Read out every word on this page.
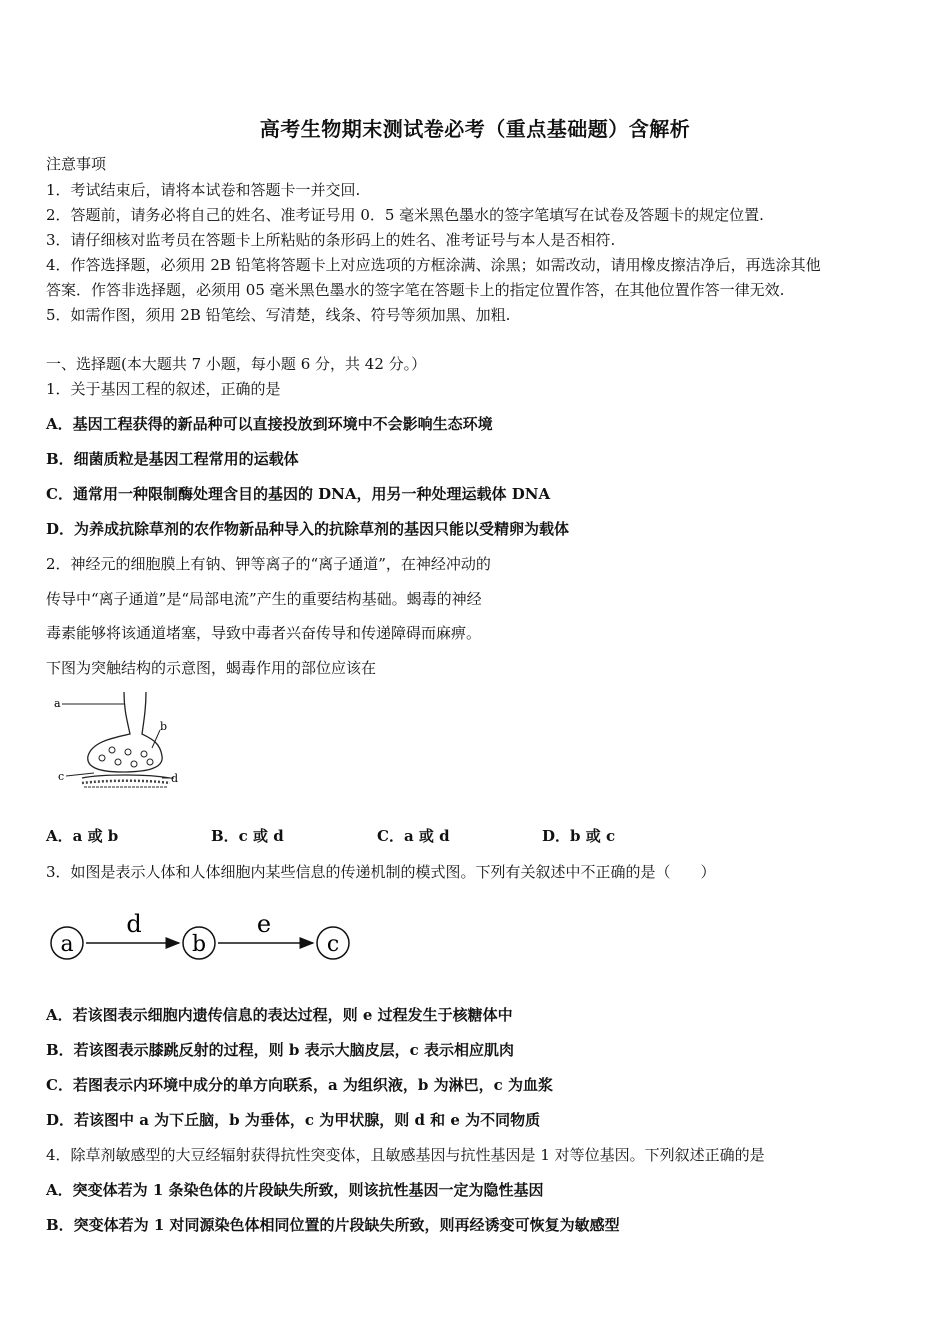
高考生物期末测试卷必考（重点基础题）含解析
注意事项
1．考试结束后，请将本试卷和答题卡一并交回.
2．答题前，请务必将自己的姓名、准考证号用 0．5 毫米黑色墨水的签字笔填写在试卷及答题卡的规定位置.
3．请仔细核对监考员在答题卡上所粘贴的条形码上的姓名、准考证号与本人是否相符.
4．作答选择题，必须用 2B 铅笔将答题卡上对应选项的方框涂满、涂黑；如需改动，请用橡皮擦洁净后，再选涂其他
答案．作答非选择题，必须用 05 毫米黑色墨水的签字笔在答题卡上的指定位置作答，在其他位置作答一律无效.
5．如需作图，须用 2B 铅笔绘、写清楚，线条、符号等须加黑、加粗.
一、选择题(本大题共 7 小题，每小题 6 分，共 42 分。）
1．关于基因工程的叙述，正确的是
A．基因工程获得的新品种可以直接投放到环境中不会影响生态环境
B．细菌质粒是基因工程常用的运载体
C．通常用一种限制酶处理含目的基因的 DNA，用另一种处理运载体 DNA
D．为养成抗除草剂的农作物新品种导入的抗除草剂的基因只能以受精卵为载体
2．神经元的细胞膜上有钠、钾等离子的“离子通道”，在神经冲动的
传导中“离子通道”是“局部电流”产生的重要结构基础。蝎毒的神经
毒素能够将该通道堵塞，导致中毒者兴奋传导和传递障碍而麻痹。
下图为突触结构的示意图，蝎毒作用的部位应该在
a
b
c	d
A．a 或 b	B．c 或 d	C．a 或 d	D．b 或 c
3．如图是表示人体和人体细胞内某些信息的传递机制的模式图。下列有关叙述中不正确的是（　　）
a
d
b
e
c
A．若该图表示细胞内遗传信息的表达过程，则 e 过程发生于核糖体中
B．若该图表示膝跳反射的过程，则 b 表示大脑皮层，c 表示相应肌肉
C．若图表示内环境中成分的单方向联系，a 为组织液，b 为淋巴，c 为血浆
D．若该图中 a 为下丘脑，b 为垂体，c 为甲状腺，则 d 和 e 为不同物质
4．除草剂敏感型的大豆经辐射获得抗性突变体，且敏感基因与抗性基因是 1 对等位基因。下列叙述正确的是
A．突变体若为 1 条染色体的片段缺失所致，则该抗性基因一定为隐性基因
B．突变体若为 1 对同源染色体相同位置的片段缺失所致，则再经诱变可恢复为敏感型
